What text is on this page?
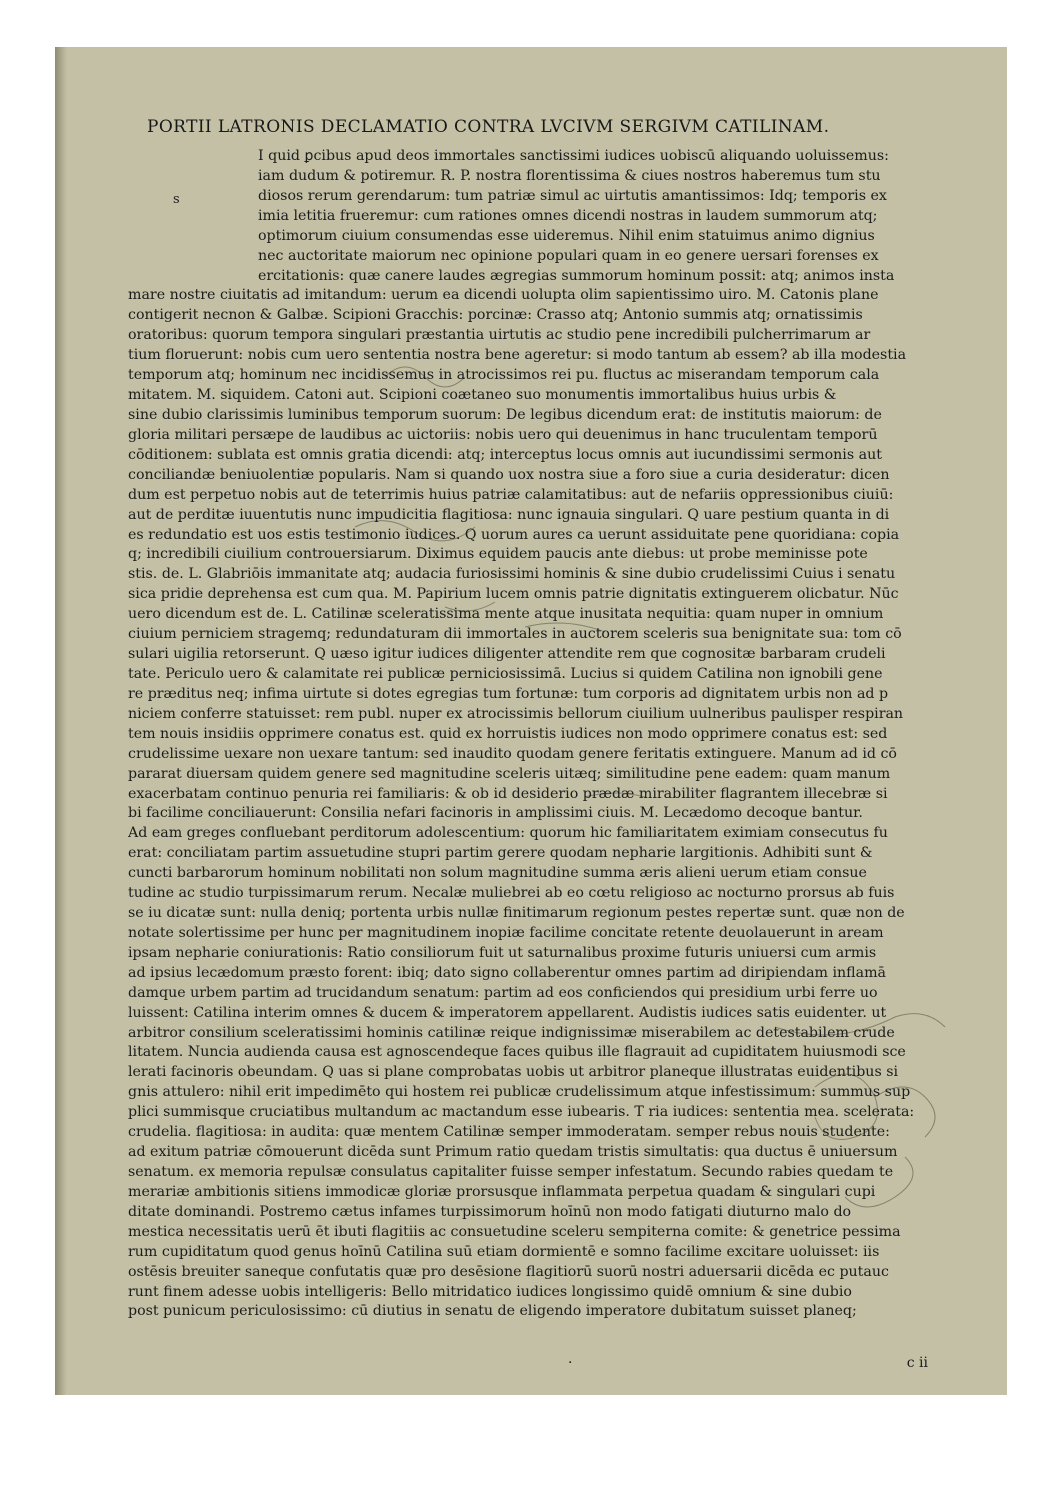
PORTII LATRONIS DECLAMATIO CONTRA LVCIVM SERGIVM CATILINAM.
s
I quid ꝑcibus apud deos immortales sanctissimi iudices uobiscū aliquando uoluissemus:
iam dudum & potiremur. R. P. nostra florentissima & ciues nostros haberemus tum stu
diosos rerum gerendarum: tum patriæ simul ac uirtutis amantissimos: Idq; temporis ex
imia letitia frueremur: cum rationes omnes dicendi nostras in laudem summorum atq;
optimorum ciuium consumendas esse uideremus. Nihil enim statuimus animo dignius
nec auctoritate maiorum nec opinione populari quam in eo genere uersari forenses ex
ercitationis: quæ canere laudes ægregias summorum hominum possit: atq; animos insta
mare nostre ciuitatis ad imitandum: uerum ea dicendi uolupta olim sapientissimo uiro. M. Catonis plane
contigerit necnon & Galbæ. Scipioni Gracchis: porcinæ: Crasso atq; Antonio summis atq; ornatissimis
oratoribus: quorum tempora singulari præstantia uirtutis ac studio pene incredibili pulcherrimarum ar
tium floruerunt: nobis cum uero sententia nostra bene ageretur: si modo tantum ab essem? ab illa modestia
temporum atq; hominum nec incidissemus in atrocissimos rei pu. fluctus ac miserandam temporum cala
mitatem. M. siquidem. Catoni aut. Scipioni coætaneo suo monumentis immortalibus huius urbis &
sine dubio clarissimis luminibus temporum suorum: De legibus dicendum erat: de institutis maiorum: de
gloria militari persæpe de laudibus ac uictoriis: nobis uero qui deuenimus in hanc truculentam temporū
cōditionem: sublata est omnis gratia dicendi: atq; interceptus locus omnis aut iucundissimi sermonis aut
conciliandæ beniuolentiæ popularis. Nam si quando uox nostra siue a foro siue a curia desideratur: dicen
dum est perpetuo nobis aut de teterrimis huius patriæ calamitatibus: aut de nefariis oppressionibus ciuiū:
aut de perditæ iuuentutis nunc impudicitia flagitiosa: nunc ignauia singulari. Q uare pestium quanta in di
es redundatio est uos estis testimonio iudices. Q uorum aures ca uerunt assiduitate pene quoridiana: copia
q; incredibili ciuilium controuersiarum. Diximus equidem paucis ante diebus: ut probe meminisse pote
stis. de. L. Glabriōis immanitate atq; audacia furiosissimi hominis & sine dubio crudelissimi Cuius i senatu
sica pridie deprehensa est cum qua. M. Papirium lucem omnis patrie dignitatis extinguerem olicbatur. Nūc
uero dicendum est de. L. Catilinæ sceleratissima mente atque inusitata nequitia: quam nuper in omnium
ciuium perniciem stragemq; redundaturam dii immortales in auctorem sceleris sua benignitate sua: tom cō
sulari uigilia retorserunt. Q uæso igitur iudices diligenter attendite rem que cognositæ barbaram crudeli
tate. Periculo uero & calamitate rei publicæ perniciosissimā. Lucius si quidem Catilina non ignobili gene
re præditus neq; infima uirtute si dotes egregias tum fortunæ: tum corporis ad dignitatem urbis non ad p
niciem conferre statuisset: rem publ. nuper ex atrocissimis bellorum ciuilium uulneribus paulisper respiran
tem nouis insidiis opprimere conatus est. quid ex horruistis iudices non modo opprimere conatus est: sed
crudelissime uexare non uexare tantum: sed inaudito quodam genere feritatis extinguere. Manum ad id cō
pararat diuersam quidem genere sed magnitudine sceleris uitæq; similitudine pene eadem: quam manum
exacerbatam continuo penuria rei familiaris: & ob id desiderio prædæ mirabiliter flagrantem illecebræ si
bi facilime conciliauerunt: Consilia nefari facinoris in amplissimi ciuis. M. Lecædomo decoque bantur.
Ad eam greges confluebant perditorum adolescentium: quorum hic familiaritatem eximiam consecutus fu
erat: conciliatam partim assuetudine stupri partim gerere quodam nepharie largitionis. Adhibiti sunt &
cuncti barbarorum hominum nobilitati non solum magnitudine summa æris alieni uerum etiam consue
tudine ac studio turpissimarum rerum. Necalæ muliebrei ab eo cœtu religioso ac nocturno prorsus ab fuis
se iu dicatæ sunt: nulla deniq; portenta urbis nullæ finitimarum regionum pestes repertæ sunt. quæ non de
notate solertissime per hunc per magnitudinem inopiæ facilime concitate retente deuolauerunt in aream
ipsam nepharie coniurationis: Ratio consiliorum fuit ut saturnalibus proxime futuris uniuersi cum armis
ad ipsius lecædomum præsto forent: ibiq; dato signo collaberentur omnes partim ad diripiendam inflamā
damque urbem partim ad trucidandum senatum: partim ad eos conficiendos qui presidium urbi ferre uo
luissent: Catilina interim omnes & ducem & imperatorem appellarent. Audistis iudices satis euidenter. ut
arbitror consilium sceleratissimi hominis catilinæ reique indignissimæ miserabilem ac detestabilem crude
litatem. Nuncia audienda causa est agnoscendeque faces quibus ille flagrauit ad cupiditatem huiusmodi sce
lerati facinoris obeundam. Q uas si plane comprobatas uobis ut arbitror planeque illustratas euidentibus si
gnis attulero: nihil erit impedimēto qui hostem rei publicæ crudelissimum atque infestissimum: summus sup
plici summisque cruciatibus multandum ac mactandum esse iubearis. T ria iudices: sententia mea. scelerata:
crudelia. flagitiosa: in audita: quæ mentem Catilinæ semper immoderatam. semper rebus nouis studente:
ad exitum patriæ cōmouerunt dicēda sunt Primum ratio quedam tristis simultatis: qua ductus ē uniuersum
senatum. ex memoria repulsæ consulatus capitaliter fuisse semper infestatum. Secundo rabies quedam te
merariæ ambitionis sitiens immodicæ gloriæ prorsusque inflammata perpetua quadam & singulari cupi
ditate dominandi. Postremo cætus infames turpissimorum hoīnū non modo fatigati diuturno malo do
mestica necessitatis uerū ēt ibuti flagitiis ac consuetudine sceleru sempiterna comite: & genetrice pessima
rum cupiditatum quod genus hoīnū Catilina suū etiam dormientē e somno facilime excitare uoluisset: iis
ostēsis breuiter saneque confutatis quæ pro desēsione flagitiorū suorū nostri aduersarii dicēda ec putauc
runt finem adesse uobis intelligeris: Bello mitridatico iudices longissimo quidē omnium & sine dubio
post punicum periculosissimo: cū diutius in senatu de eligendo imperatore dubitatum suisset planeq;
·	c ii
